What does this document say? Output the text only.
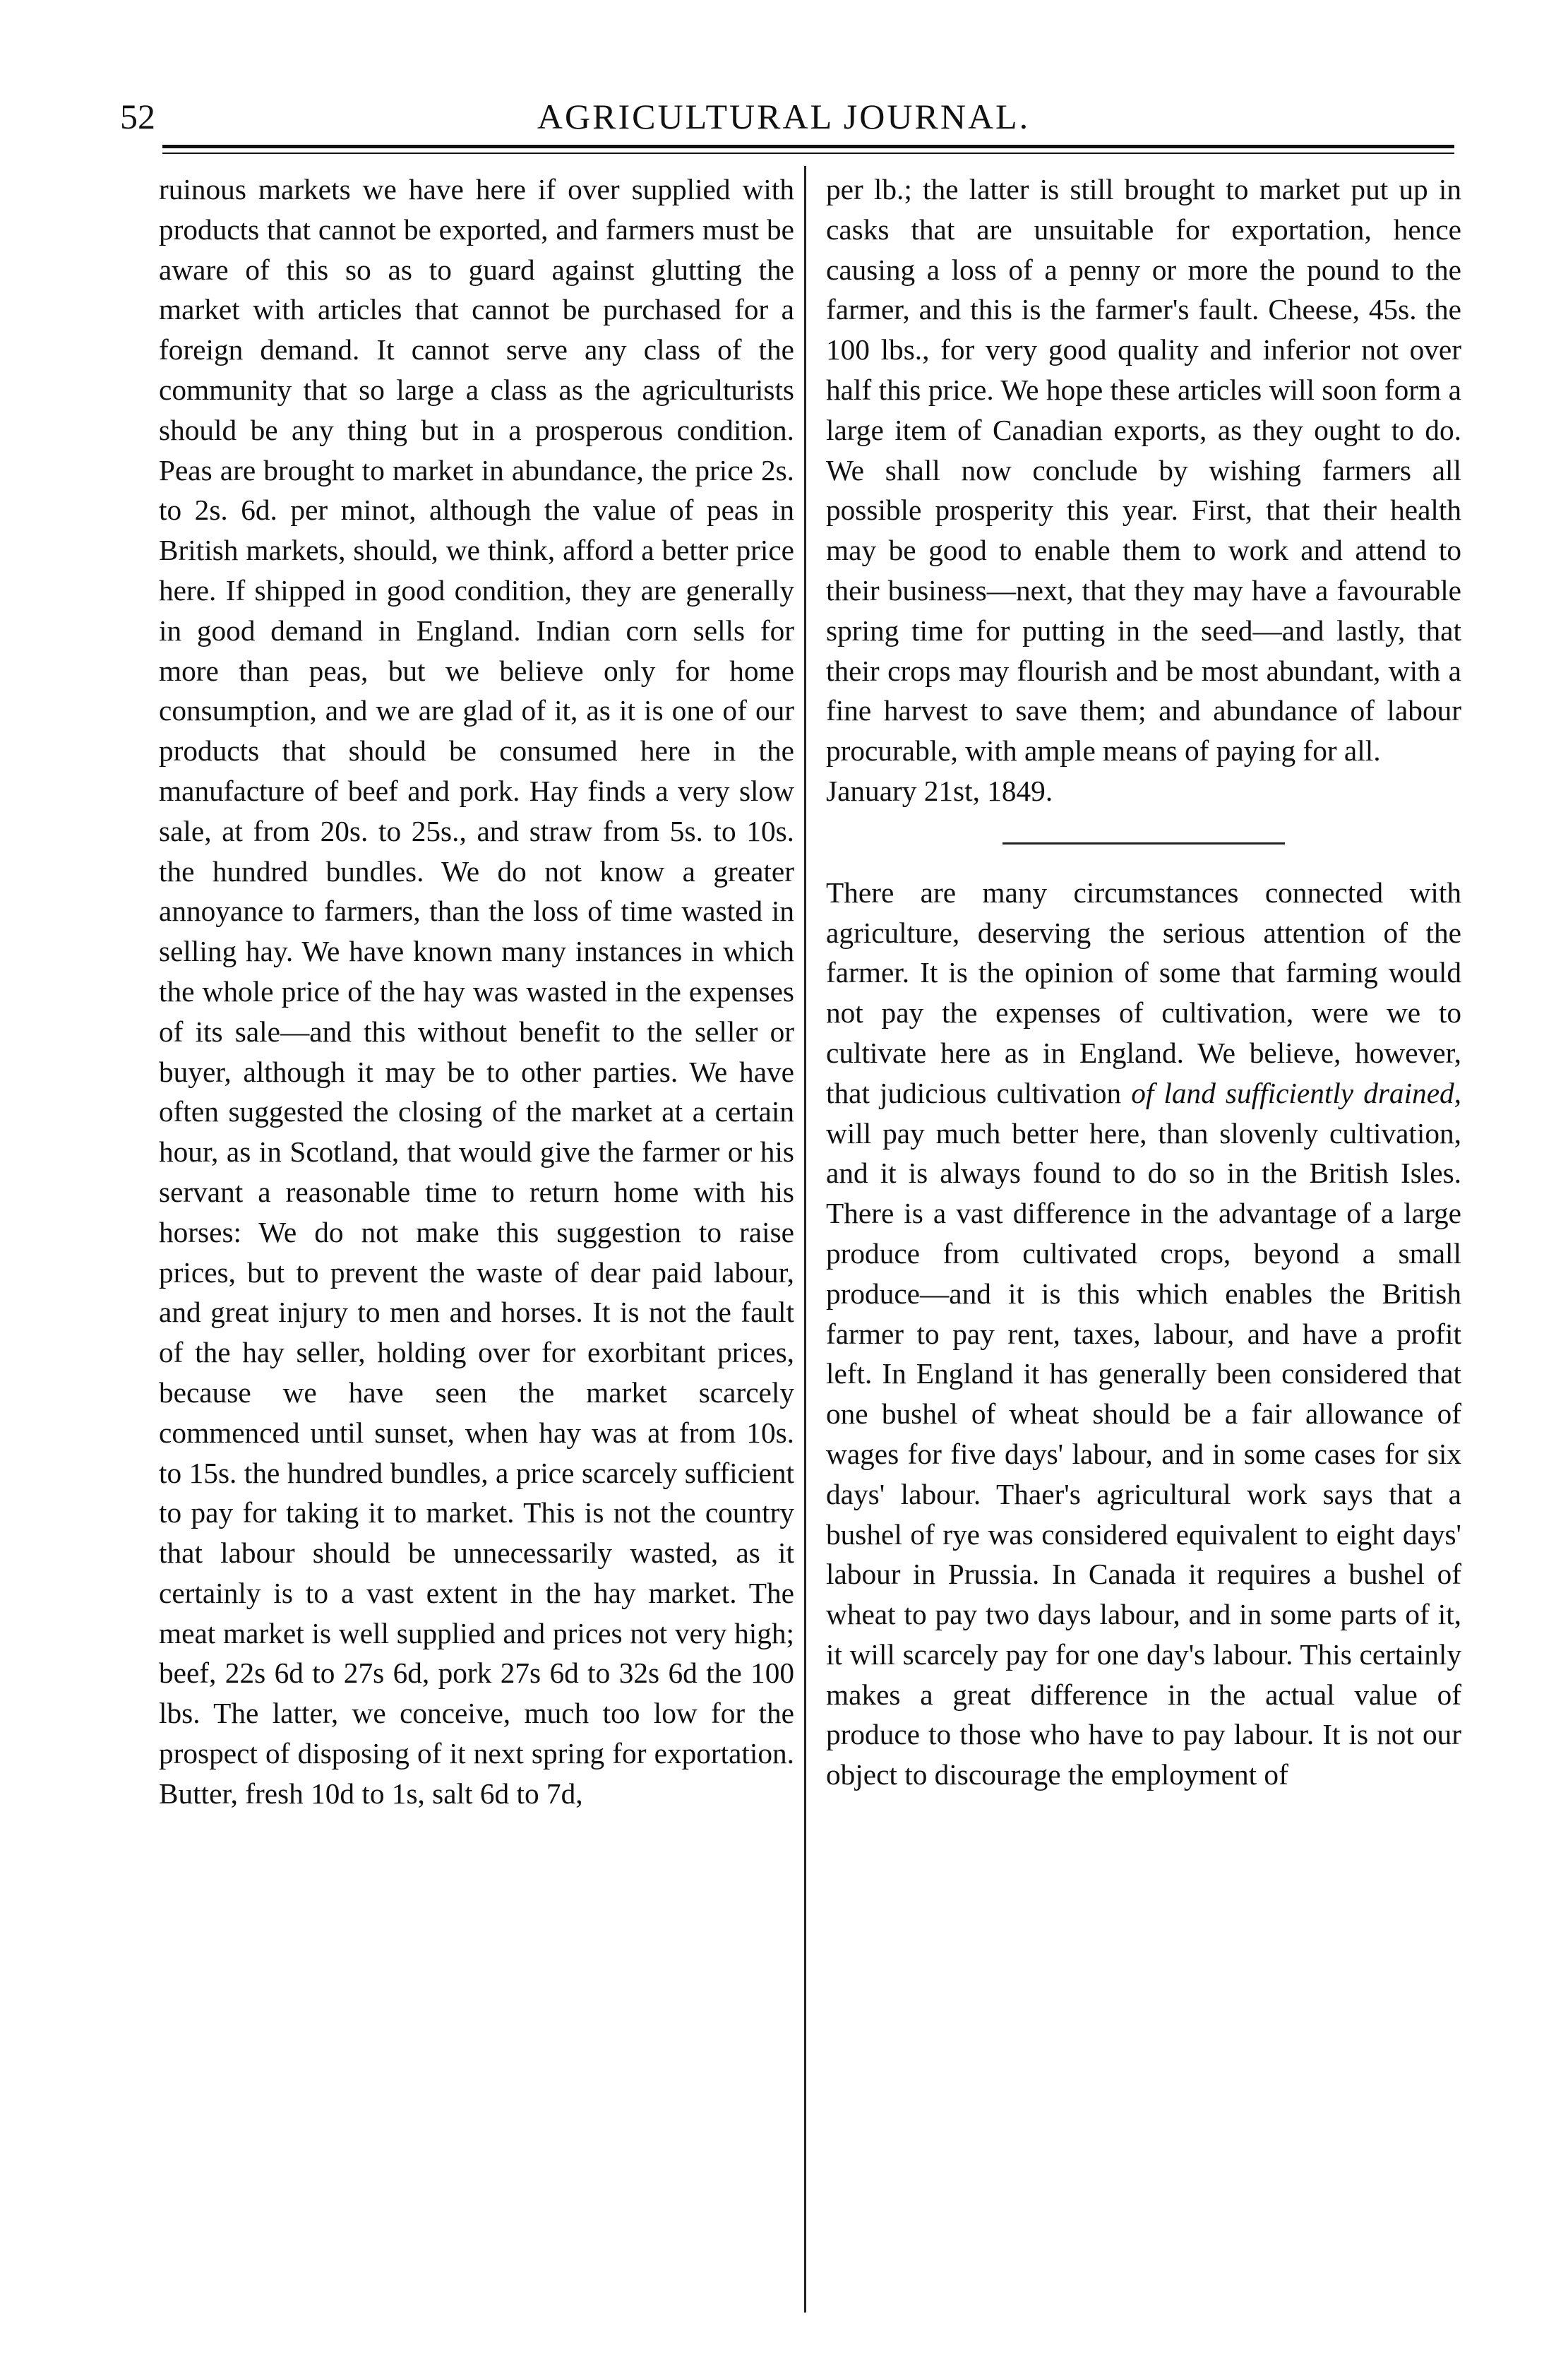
52	AGRICULTURAL JOURNAL.

ruinous markets we have here if over supplied with products that cannot be exported, and farmers must be aware of this so as to guard against glutting the market with articles that cannot be purchased for a foreign demand. It cannot serve any class of the community that so large a class as the agriculturists should be any thing but in a prosperous condition. Peas are brought to market in abundance, the price 2s. to 2s. 6d. per minot, although the value of peas in British markets, should, we think, afford a better price here. If shipped in good condition, they are generally in good demand in England. Indian corn sells for more than peas, but we believe only for home consumption, and we are glad of it, as it is one of our products that should be consumed here in the manufacture of beef and pork. Hay finds a very slow sale, at from 20s. to 25s., and straw from 5s. to 10s. the hundred bundles. We do not know a greater annoyance to farmers, than the loss of time wasted in selling hay. We have known many instances in which the whole price of the hay was wasted in the expenses of its sale—and this without benefit to the seller or buyer, although it may be to other parties. We have often suggested the closing of the market at a certain hour, as in Scotland, that would give the farmer or his servant a reasonable time to return home with his horses: We do not make this suggestion to raise prices, but to prevent the waste of dear paid labour, and great injury to men and horses. It is not the fault of the hay seller, holding over for exorbitant prices, because we have seen the market scarcely commenced until sunset, when hay was at from 10s. to 15s. the hundred bundles, a price scarcely sufficient to pay for taking it to market. This is not the country that labour should be unnecessarily wasted, as it certainly is to a vast extent in the hay market. The meat market is well supplied and prices not very high; beef, 22s 6d to 27s 6d, pork 27s 6d to 32s 6d the 100 lbs. The latter, we conceive, much too low for the prospect of disposing of it next spring for exportation. Butter, fresh 10d to 1s, salt 6d to 7d,

per lb.; the latter is still brought to market put up in casks that are unsuitable for exportation, hence causing a loss of a penny or more the pound to the farmer, and this is the farmer's fault. Cheese, 45s. the 100 lbs., for very good quality and inferior not over half this price. We hope these articles will soon form a large item of Canadian exports, as they ought to do. We shall now conclude by wishing farmers all possible prosperity this year. First, that their health may be good to enable them to work and attend to their business—next, that they may have a favourable spring time for putting in the seed—and lastly, that their crops may flourish and be most abundant, with a fine harvest to save them; and abundance of labour procurable, with ample means of paying for all.

January 21st, 1849.

There are many circumstances connected with agriculture, deserving the serious attention of the farmer. It is the opinion of some that farming would not pay the expenses of cultivation, were we to cultivate here as in England. We believe, however, that judicious cultivation of land sufficiently drained, will pay much better here, than slovenly cultivation, and it is always found to do so in the British Isles. There is a vast difference in the advantage of a large produce from cultivated crops, beyond a small produce—and it is this which enables the British farmer to pay rent, taxes, labour, and have a profit left. In England it has generally been considered that one bushel of wheat should be a fair allowance of wages for five days' labour, and in some cases for six days' labour. Thaer's agricultural work says that a bushel of rye was considered equivalent to eight days' labour in Prussia. In Canada it requires a bushel of wheat to pay two days labour, and in some parts of it, it will scarcely pay for one day's labour. This certainly makes a great difference in the actual value of produce to those who have to pay labour. It is not our object to discourage the employment of
